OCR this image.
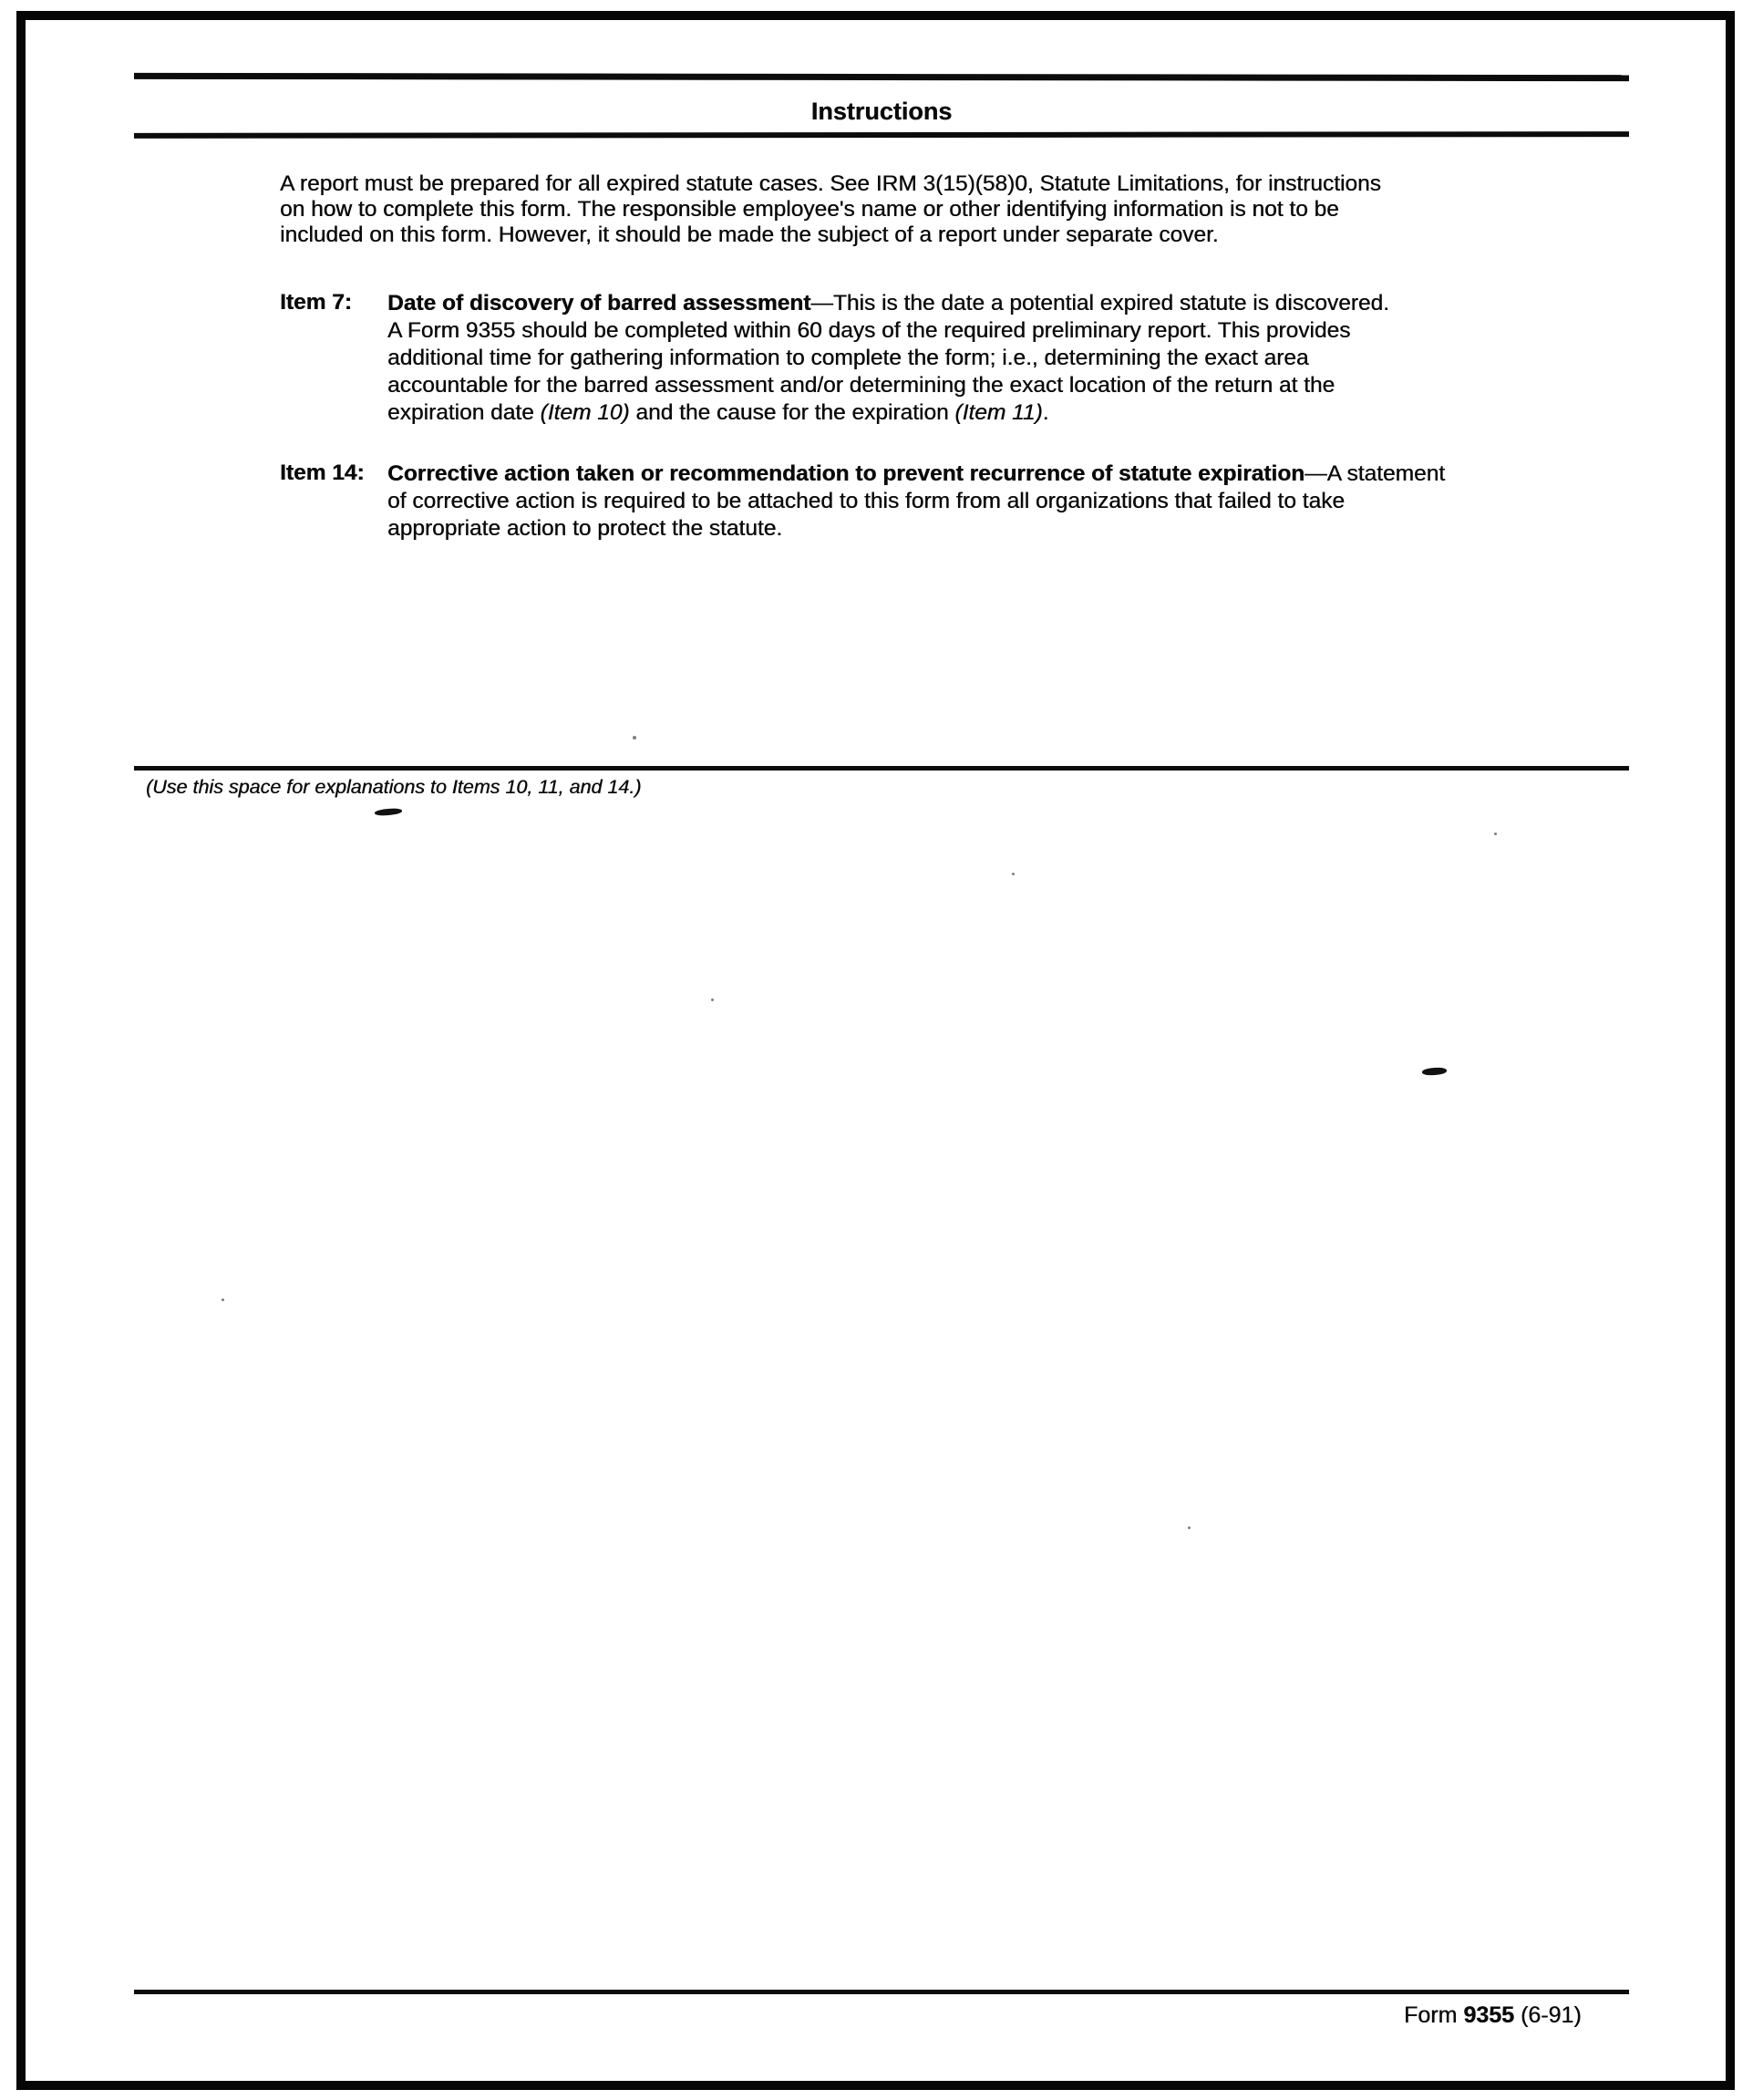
Instructions

A report must be prepared for all expired statute cases. See IRM 3(15)(58)0, Statute Limitations, for instructions
on how to complete this form. The responsible employee's name or other identifying information is not to be
included on this form. However, it should be made the subject of a report under separate cover.

Item 7: Date of discovery of barred assessment—This is the date a potential expired statute is discovered.
A Form 9355 should be completed within 60 days of the required preliminary report. This provides
additional time for gathering information to complete the form; i.e., determining the exact area
accountable for the barred assessment and/or determining the exact location of the return at the
expiration date (Item 10) and the cause for the expiration (Item 11).

Item 14: Corrective action taken or recommendation to prevent recurrence of statute expiration—A statement
of corrective action is required to be attached to this form from all organizations that failed to take
appropriate action to protect the statute.

(Use this space for explanations to Items 10, 11, and 14.)

Form 9355 (6-91)
